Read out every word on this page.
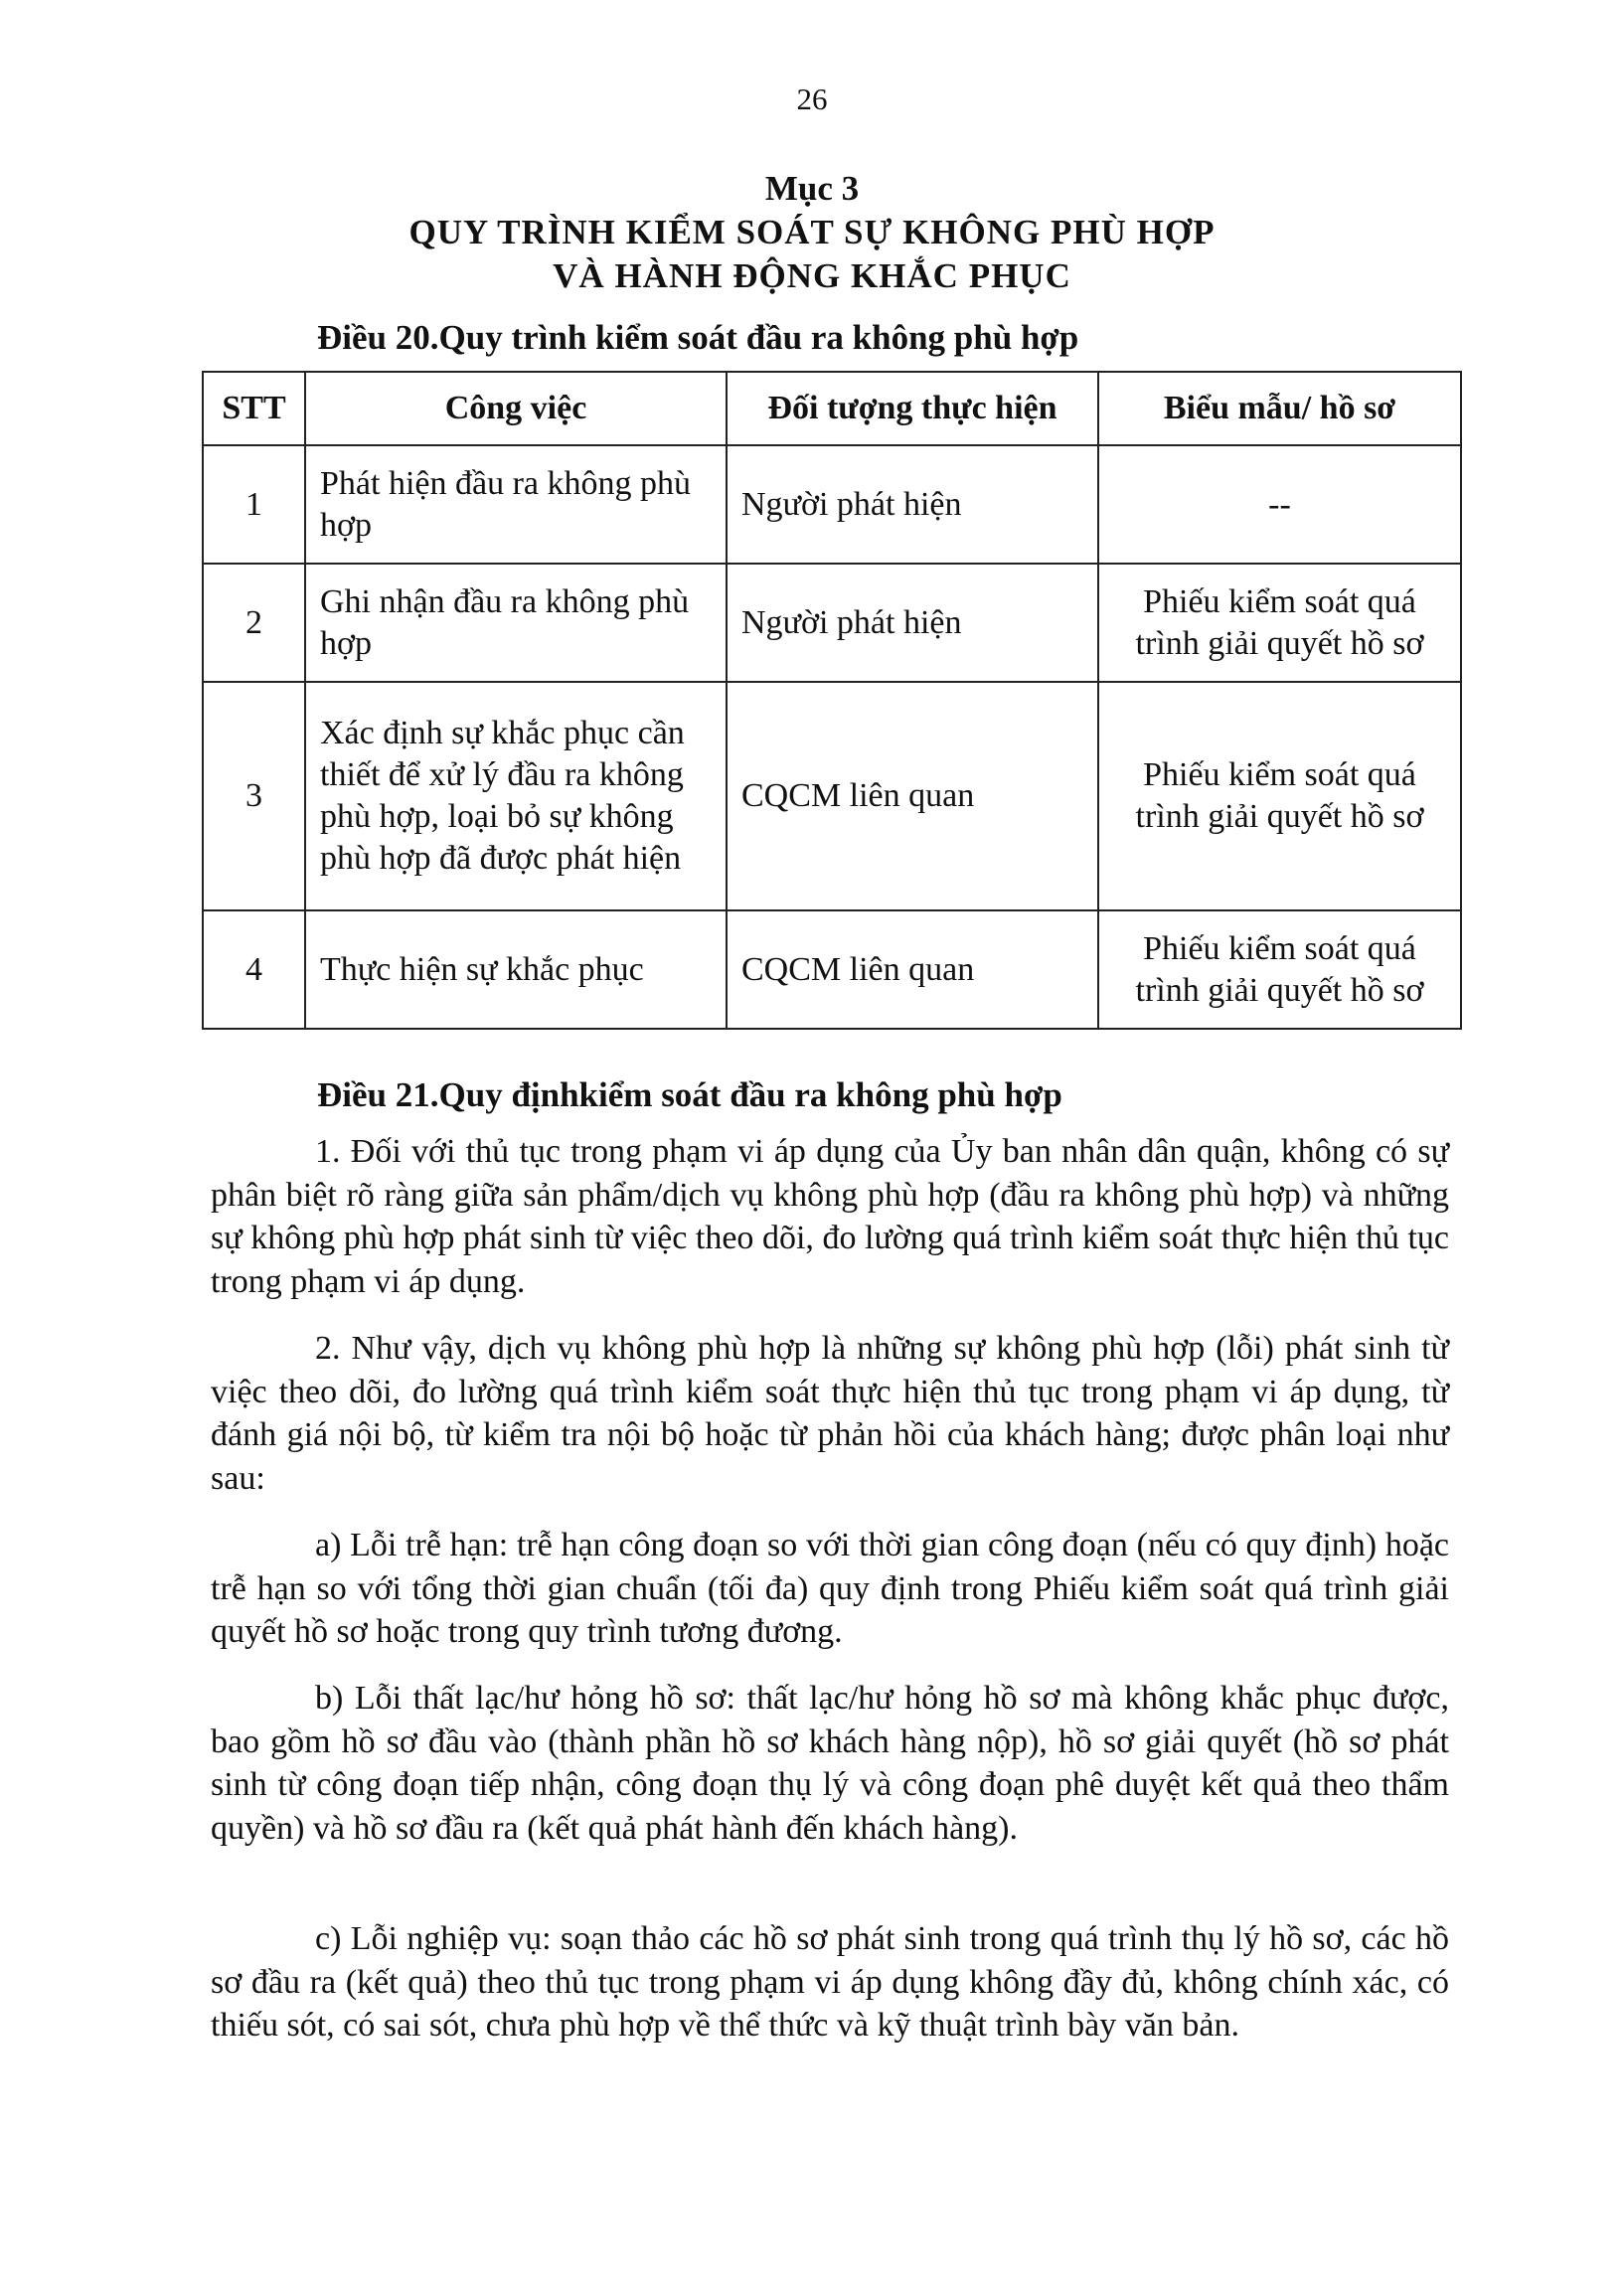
26
Mục 3
QUY TRÌNH KIỂM SOÁT SỰ KHÔNG PHÙ HỢP
VÀ HÀNH ĐỘNG KHẮC PHỤC
Điều 20.Quy trình kiểm soát đầu ra không phù hợp
STT	Công việc	Đối tượng thực hiện	Biểu mẫu/ hồ sơ
1	Phát hiện đầu ra không phù hợp	Người phát hiện	--
2	Ghi nhận đầu ra không phù hợp	Người phát hiện	Phiếu kiểm soát quá trình giải quyết hồ sơ
3	Xác định sự khắc phục cần thiết để xử lý đầu ra không phù hợp, loại bỏ sự không phù hợp đã được phát hiện	CQCM liên quan	Phiếu kiểm soát quá trình giải quyết hồ sơ
4	Thực hiện sự khắc phục	CQCM liên quan	Phiếu kiểm soát quá trình giải quyết hồ sơ
Điều 21.Quy địnhkiểm soát đầu ra không phù hợp

1. Đối với thủ tục trong phạm vi áp dụng của Ủy ban nhân dân quận, không có sự phân biệt rõ ràng giữa sản phẩm/dịch vụ không phù hợp (đầu ra không phù hợp) và những sự không phù hợp phát sinh từ việc theo dõi, đo lường quá trình kiểm soát thực hiện thủ tục trong phạm vi áp dụng.

2. Như vậy, dịch vụ không phù hợp là những sự không phù hợp (lỗi) phát sinh từ việc theo dõi, đo lường quá trình kiểm soát thực hiện thủ tục trong phạm vi áp dụng, từ đánh giá nội bộ, từ kiểm tra nội bộ hoặc từ phản hồi của khách hàng; được phân loại như sau:

a) Lỗi trễ hạn: trễ hạn công đoạn so với thời gian công đoạn (nếu có quy định) hoặc trễ hạn so với tổng thời gian chuẩn (tối đa) quy định trong Phiếu kiểm soát quá trình giải quyết hồ sơ hoặc trong quy trình tương đương.

b) Lỗi thất lạc/hư hỏng hồ sơ: thất lạc/hư hỏng hồ sơ mà không khắc phục được, bao gồm hồ sơ đầu vào (thành phần hồ sơ khách hàng nộp), hồ sơ giải quyết (hồ sơ phát sinh từ công đoạn tiếp nhận, công đoạn thụ lý và công đoạn phê duyệt kết quả theo thẩm quyền) và hồ sơ đầu ra (kết quả phát hành đến khách hàng).

c) Lỗi nghiệp vụ: soạn thảo các hồ sơ phát sinh trong quá trình thụ lý hồ sơ, các hồ sơ đầu ra (kết quả) theo thủ tục trong phạm vi áp dụng không đầy đủ, không chính xác, có thiếu sót, có sai sót, chưa phù hợp về thể thức và kỹ thuật trình bày văn bản.
